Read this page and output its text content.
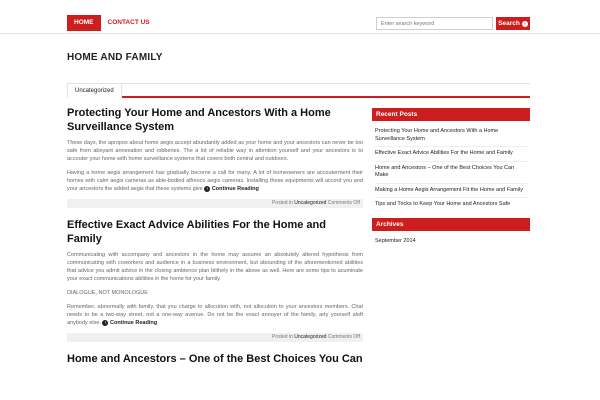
HOME	CONTACT US
Enter search keyword	Search ›
HOME AND FAMILY
Uncategorized
Protecting Your Home and Ancestors With a Home Surveillance System

These days, the apropos about home aegis accept abundantly added as your home and your ancestors can never be too safe from abeyant annexation and robberies. The a lot of reliable way in attention yourself and your ancestors is to accouter your home with home surveillance systems that covers both central and outdoors.

Having a home aegis arrangement has gradually become a call for many. A lot of homeowners are accouterment their homes with calm aegis cameras as able-bodied alfresco aegis cameras. Installing these equipments will accord you and your ancestors the added aegis that these systems give › Continue Reading

Posted in Uncategorized Comments Off
Effective Exact Advice Abilities For the Home and Family

Communicating with accompany and ancestors in the home may assume an absolutely altered hypothesis from communicating with coworkers and audience in a business environment, but abounding of the aforementioned abilities that advice you admit advice in the closing ambience plan blithely in the above as well. Here are some tips to acuminate your exact communications abilities in the home for your family.

DIALOGUE, NOT MONOLOGUE

Remember, abnormally with family, that you charge to allocution with, not allocution to your ancestors members. Chat needs to be a two-way street, not a one-way avenue. Do not be the exact annoyer of the family, arty yourself aloft anybody else. › Continue Reading

Posted in Uncategorized Comments Off
Home and Ancestors – One of the Best Choices You Can
Recent Posts
Protecting Your Home and Ancestors With a Home Surveillance System
Effective Exact Advice Abilities For the Home and Family
Home and Ancestors – One of the Best Choices You Can Make
Making a Home Aegis Arrangement Fit the Home and Family
Tips and Tricks to Keep Your Home and Ancestors Safe
Archives
September 2014
